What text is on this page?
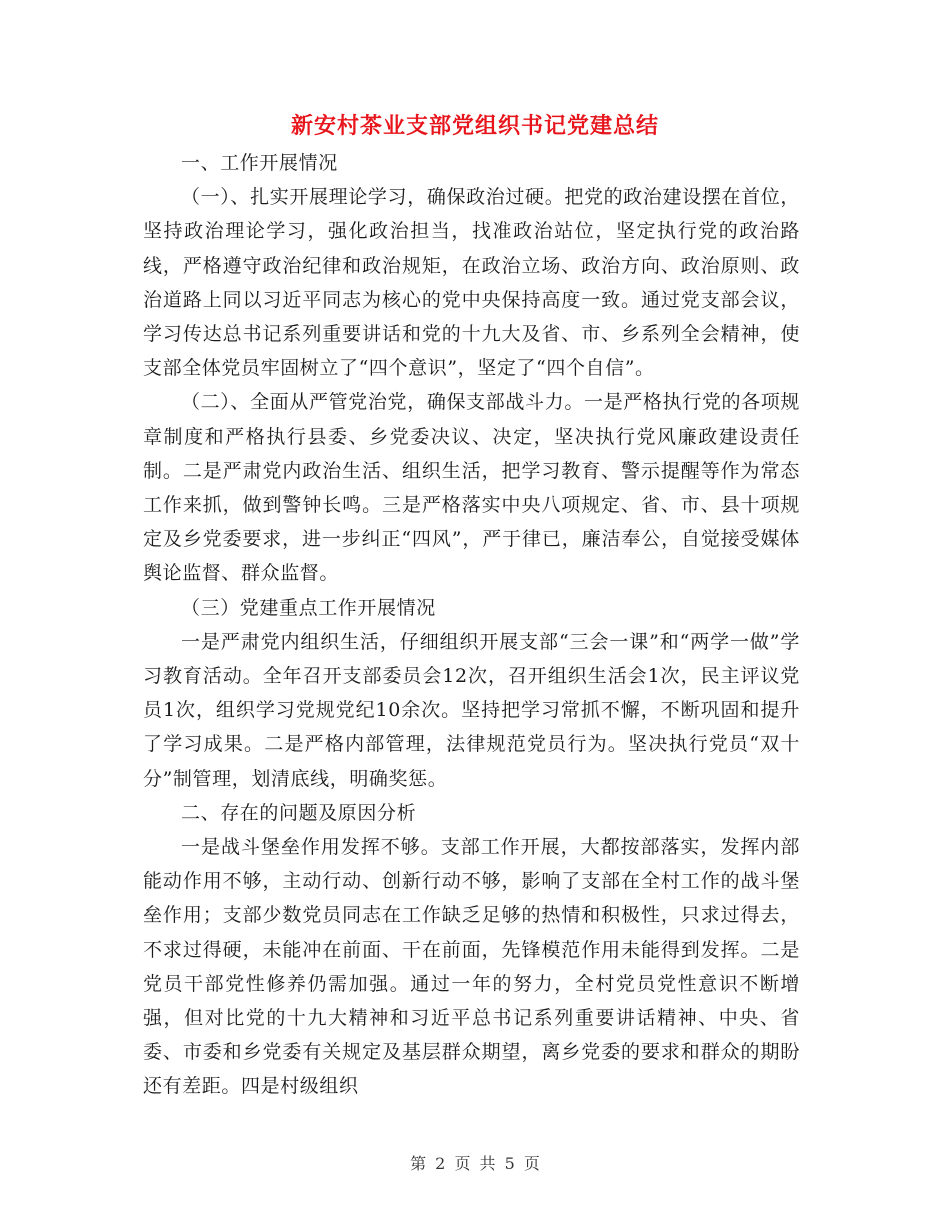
新安村茶业支部党组织书记党建总结

一、工作开展情况

（一）、扎实开展理论学习，确保政治过硬。把党的政治建设摆在首位，坚持政治理论学习，强化政治担当，找准政治站位，坚定执行党的政治路线，严格遵守政治纪律和政治规矩，在政治立场、政治方向、政治原则、政治道路上同以习近平同志为核心的党中央保持高度一致。通过党支部会议，学习传达总书记系列重要讲话和党的十九大及省、市、乡系列全会精神，使支部全体党员牢固树立了“四个意识”，坚定了“四个自信”。

（二）、全面从严管党治党，确保支部战斗力。一是严格执行党的各项规章制度和严格执行县委、乡党委决议、决定，坚决执行党风廉政建设责任制。二是严肃党内政治生活、组织生活，把学习教育、警示提醒等作为常态工作来抓，做到警钟长鸣。三是严格落实中央八项规定、省、市、县十项规定及乡党委要求，进一步纠正“四风”，严于律已，廉洁奉公，自觉接受媒体舆论监督、群众监督。

（三）党建重点工作开展情况

一是严肃党内组织生活，仔细组织开展支部“三会一课”和“两学一做”学习教育活动。全年召开支部委员会12次，召开组织生活会1次，民主评议党员1次，组织学习党规党纪10余次。坚持把学习常抓不懈，不断巩固和提升了学习成果。二是严格内部管理，法律规范党员行为。坚决执行党员“双十分”制管理，划清底线，明确奖惩。

二、存在的问题及原因分析

一是战斗堡垒作用发挥不够。支部工作开展，大都按部落实，发挥内部能动作用不够，主动行动、创新行动不够，影响了支部在全村工作的战斗堡垒作用；支部少数党员同志在工作缺乏足够的热情和积极性，只求过得去，不求过得硬，未能冲在前面、干在前面，先锋模范作用未能得到发挥。二是党员干部党性修养仍需加强。通过一年的努力，全村党员党性意识不断增强，但对比党的十九大精神和习近平总书记系列重要讲话精神、中央、省委、市委和乡党委有关规定及基层群众期望，离乡党委的要求和群众的期盼还有差距。四是村级组织

第 2 页 共 5 页
